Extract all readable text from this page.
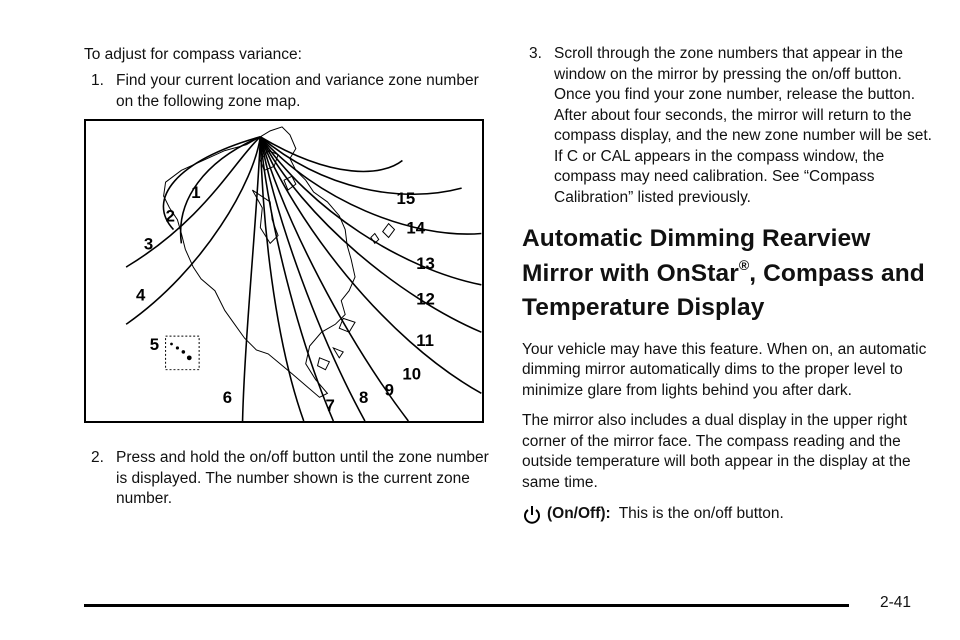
To adjust for compass variance:

1. Find your current location and variance zone number on the following zone map.

1
2
3
4
5
6	7 8 9
10
11
12
13
14
15

2. Press and hold the on/off button until the zone number is displayed. The number shown is the current zone number.

3. Scroll through the zone numbers that appear in the window on the mirror by pressing the on/off button. Once you find your zone number, release the button. After about four seconds, the mirror will return to the compass display, and the new zone number will be set. If C or CAL appears in the compass window, the compass may need calibration. See “Compass Calibration” listed previously.

Automatic Dimming Rearview Mirror with OnStar®, Compass and Temperature Display

Your vehicle may have this feature. When on, an automatic dimming mirror automatically dims to the proper level to minimize glare from lights behind you after dark.

The mirror also includes a dual display in the upper right corner of the mirror face. The compass reading and the outside temperature will both appear in the display at the same time.

(On/Off): This is the on/off button.
2-41
